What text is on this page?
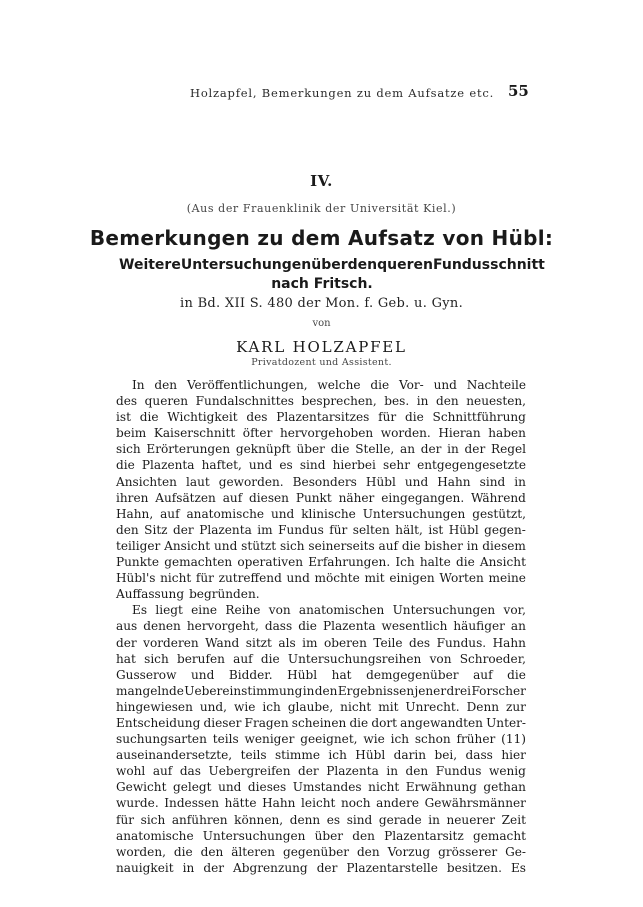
Holzapfel, Bemerkungen zu dem Aufsatze etc. 55
IV.
(Aus der Frauenklinik der Universität Kiel.)
Bemerkungen zu dem Aufsatz von Hübl:
Weitere Untersuchungen über den queren Fundusschnitt
nach Fritsch.
in Bd. XII S. 480 der Mon. f. Geb. u. Gyn.
von
KARL HOLZAPFEL
Privatdozent und Assistent.
In den Veröffentlichungen, welche die Vor- und Nachteile
des queren Fundalschnittes besprechen, bes. in den neuesten,
ist die Wichtigkeit des Plazentarsitzes für die Schnittführung
beim Kaiserschnitt öfter hervorgehoben worden. Hieran haben
sich Erörterungen geknüpft über die Stelle, an der in der Regel
die Plazenta haftet, und es sind hierbei sehr entgegengesetzte
Ansichten laut geworden. Besonders Hübl und Hahn sind in
ihren Aufsätzen auf diesen Punkt näher eingegangen. Während
Hahn, auf anatomische und klinische Untersuchungen gestützt,
den Sitz der Plazenta im Fundus für selten hält, ist Hübl gegen-
teiliger Ansicht und stützt sich seinerseits auf die bisher in diesem
Punkte gemachten operativen Erfahrungen. Ich halte die Ansicht
Hübl's nicht für zutreffend und möchte mit einigen Worten meine
Auffassung begründen.
Es liegt eine Reihe von anatomischen Untersuchungen vor,
aus denen hervorgeht, dass die Plazenta wesentlich häufiger an
der vorderen Wand sitzt als im oberen Teile des Fundus. Hahn
hat sich berufen auf die Untersuchungsreihen von Schroeder,
Gusserow und Bidder. Hübl hat demgegenüber auf die
mangelnde Uebereinstimmung in den Ergebnissen jener drei Forscher
hingewiesen und, wie ich glaube, nicht mit Unrecht. Denn zur
Entscheidung dieser Fragen scheinen die dort angewandten Unter-
suchungsarten teils weniger geeignet, wie ich schon früher (11)
auseinandersetzte, teils stimme ich Hübl darin bei, dass hier
wohl auf das Uebergreifen der Plazenta in den Fundus wenig
Gewicht gelegt und dieses Umstandes nicht Erwähnung gethan
wurde. Indessen hätte Hahn leicht noch andere Gewährsmänner
für sich anführen können, denn es sind gerade in neuerer Zeit
anatomische Untersuchungen über den Plazentarsitz gemacht
worden, die den älteren gegenüber den Vorzug grösserer Ge-
nauigkeit in der Abgrenzung der Plazentarstelle besitzen. Es
